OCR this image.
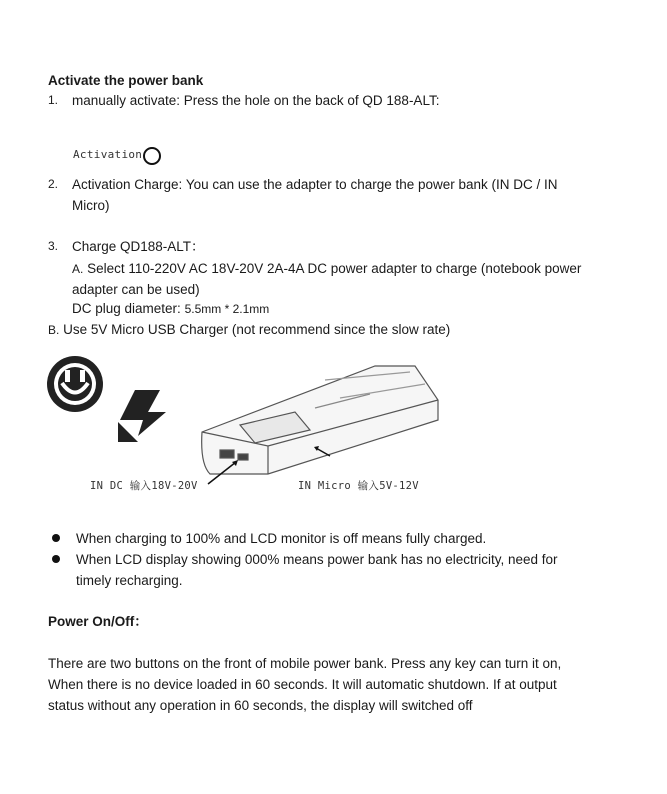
Activate the power bank
1. manually activate: Press the hole on the back of QD 188-ALT:
Activation
2. Activation Charge: You can use the adapter to charge the power bank (IN DC / IN
Micro)
3. Charge QD188-ALT：
A. Select 110-220V AC 18V-20V 2A-4A DC power adapter to charge (notebook power
adapter can be used)
DC plug diameter: 5.5mm * 2.1mm
B. Use 5V Micro USB Charger (not recommend since the slow rate)
IN DC 输入18V-20V	IN Micro 输入5V-12V
When charging to 100% and LCD monitor is off means fully charged.
When LCD display showing 000% means power bank has no electricity, need for
timely recharging.
Power On/Off：
There are two buttons on the front of mobile power bank. Press any key can turn it on,
When there is no device loaded in 60 seconds. It will automatic shutdown. If at output
status without any operation in 60 seconds, the display will switched off
